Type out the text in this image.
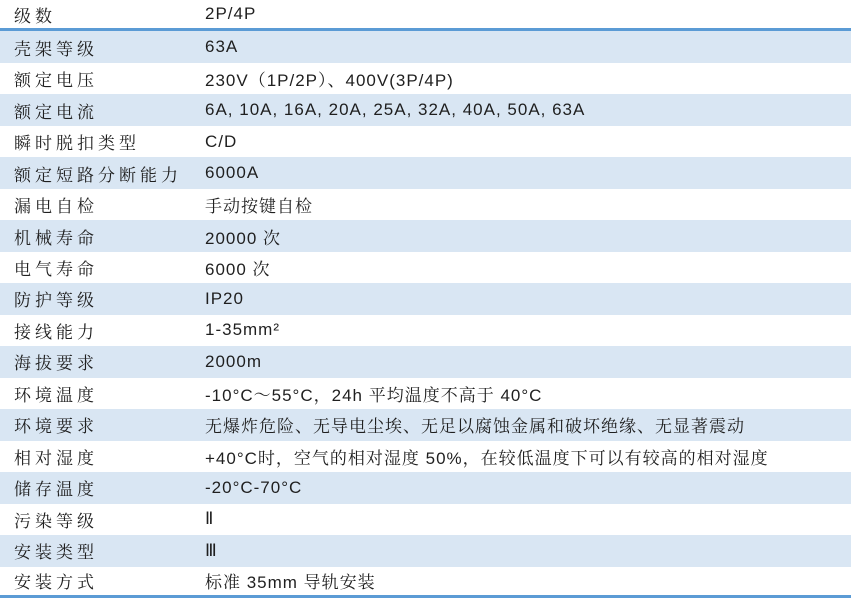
级数	2P/4P
壳架等级	63A
额定电压	230V（1P/2P）、400V(3P/4P)
额定电流	6A, 10A, 16A, 20A, 25A, 32A, 40A, 50A, 63A
瞬时脱扣类型	C/D
额定短路分断能力	6000A
漏电自检	手动按键自检
机械寿命	20000 次
电气寿命	6000 次
防护等级	IP20
接线能力	1-35mm²
海拔要求	2000m
环境温度	-10°C～55°C，24h 平均温度不高于 40°C
环境要求	无爆炸危险、无导电尘埃、无足以腐蚀金属和破坏绝缘、无显著震动
相对湿度	+40°C时，空气的相对湿度 50%，在较低温度下可以有较高的相对湿度
储存温度	-20°C-70°C
污染等级	Ⅱ
安装类型	Ⅲ
安装方式	标准 35mm 导轨安装
